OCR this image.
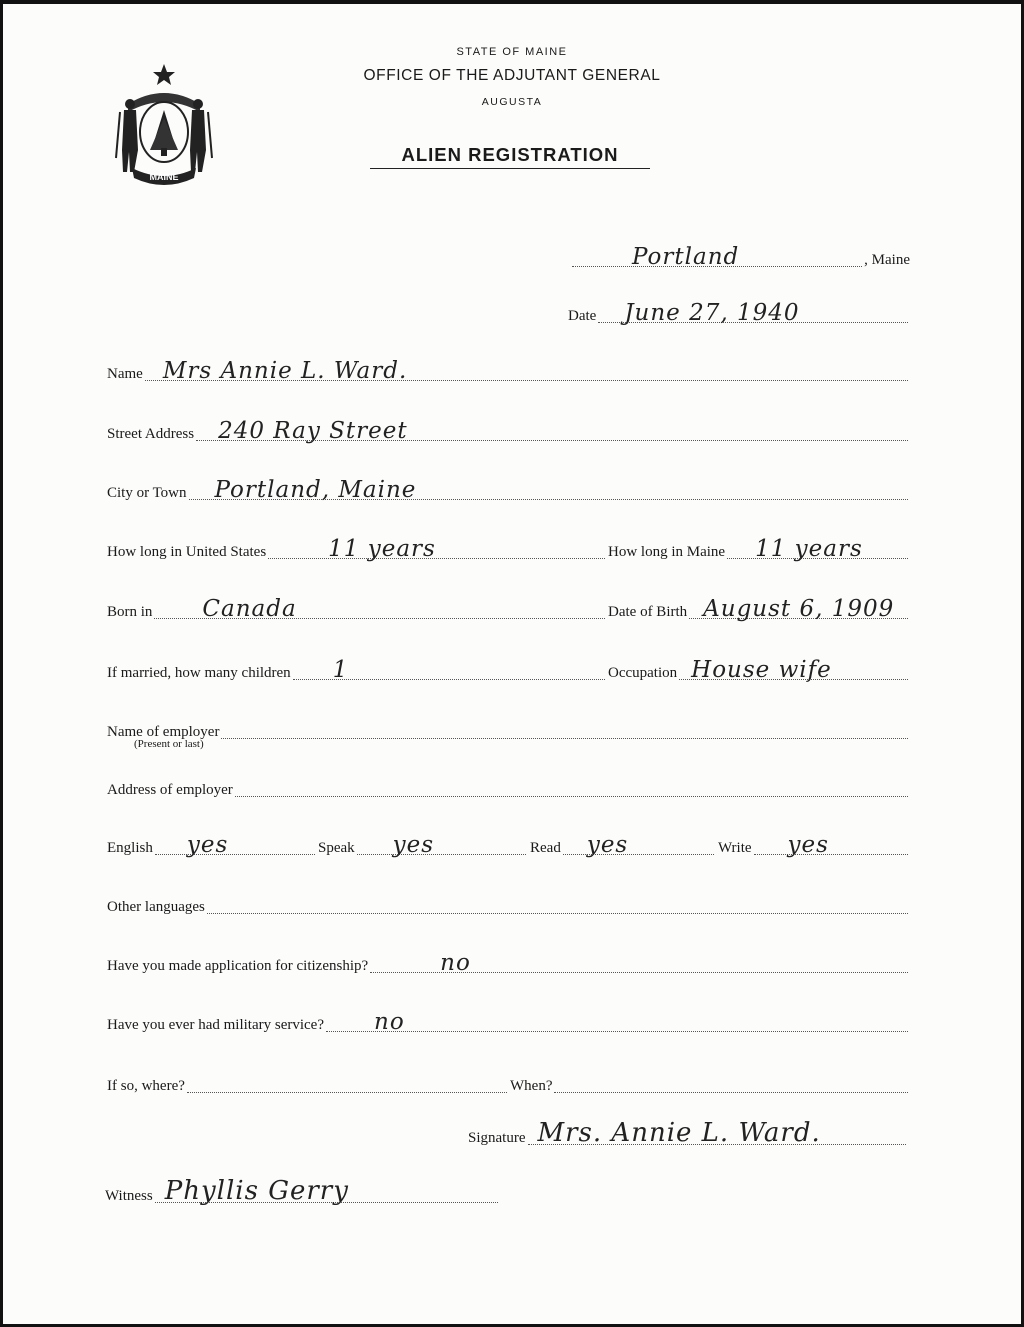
MAINE
STATE OF MAINE
OFFICE OF THE ADJUTANT GENERAL
AUGUSTA
ALIEN REGISTRATION
Portland	, Maine
Date June 27, 1940
Name Mrs Annie L. Ward.
Street Address 240 Ray Street
City or Town Portland, Maine
How long in United States	11 years	How long in Maine 11 years
Born in Canada	Date of Birth August 6, 1909
If married, how many children 1	Occupation House wife
Name of employer
(Present or last)
Address of employer
English yes	Speak yes	Read yes	Write yes
Other languages
Have you made application for citizenship?	no
Have you ever had military service? no
If so, where?	When?
Signature Mrs. Annie L. Ward.
Witness Phyllis Gerry
